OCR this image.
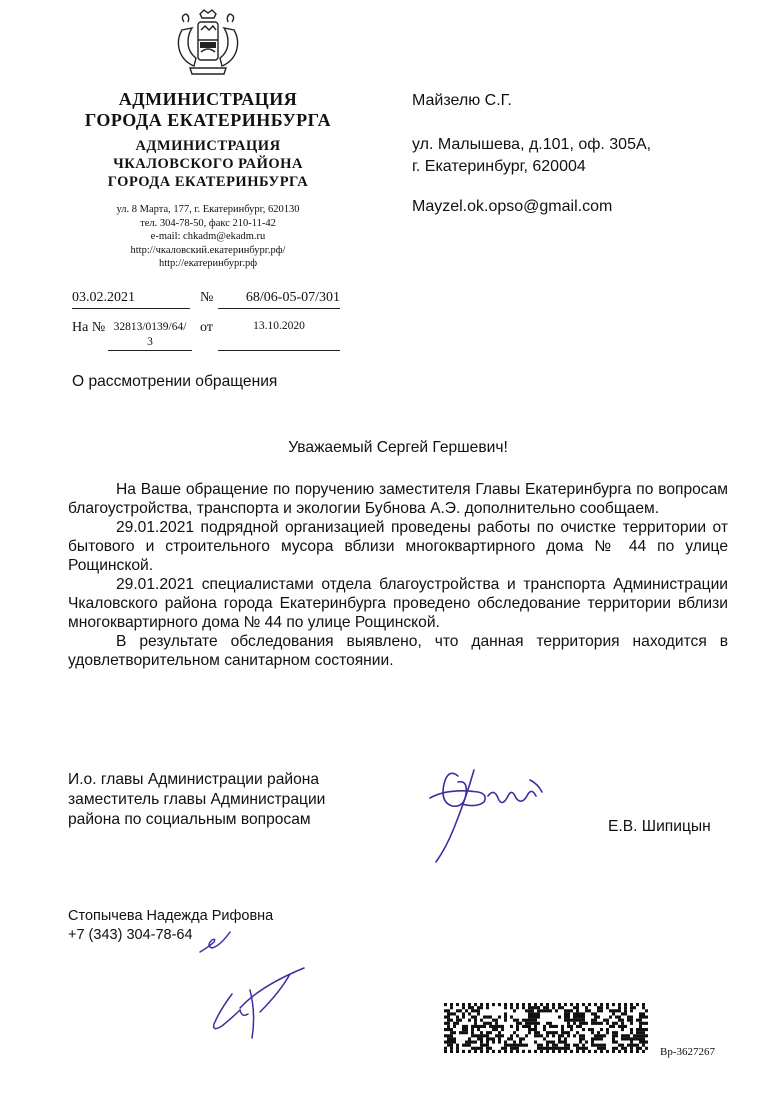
АДМИНИСТРАЦИЯ
ГОРОДА ЕКАТЕРИНБУРГА
АДМИНИСТРАЦИЯ
ЧКАЛОВСКОГО РАЙОНА
ГОРОДА ЕКАТЕРИНБУРГА
ул. 8 Марта, 177, г. Екатеринбург, 620130
тел. 304-78-50, факс 210-11-42
e-mail: chkadm@ekadm.ru
http://чкаловский.екатеринбург.рф/
http://екатеринбург.рф
Майзелю С.Г.
ул. Малышева, д.101, оф. 305А,
г. Екатеринбург, 620004
Mayzel.ok.opso@gmail.com
03.02.2021	№	68/06-05-07/301
На № 32813/0139/64/
3
от	13.10.2020
О рассмотрении обращения
Уважаемый Сергей Гершевич!

На Ваше обращение по поручению заместителя Главы Екатеринбурга по вопросам благоустройства, транспорта и экологии Бубнова А.Э. дополнительно сообщаем.

29.01.2021 подрядной организацией проведены работы по очистке территории от бытового и строительного мусора вблизи многоквартирного дома № 44 по улице Рощинской.

29.01.2021 специалистами отдела благоустройства и транспорта Администрации Чкаловского района города Екатеринбурга проведено обследование территории вблизи многоквартирного дома № 44 по улице Рощинской.

В результате обследования выявлено, что данная территория находится в удовлетворительном санитарном состоянии.

И.о. главы Администрации района
заместитель главы Администрации
района по социальным вопросам	Е.В. Шипицын
Стопычева Надежда Рифовна
+7 (343) 304-78-64
Вр-3627267
